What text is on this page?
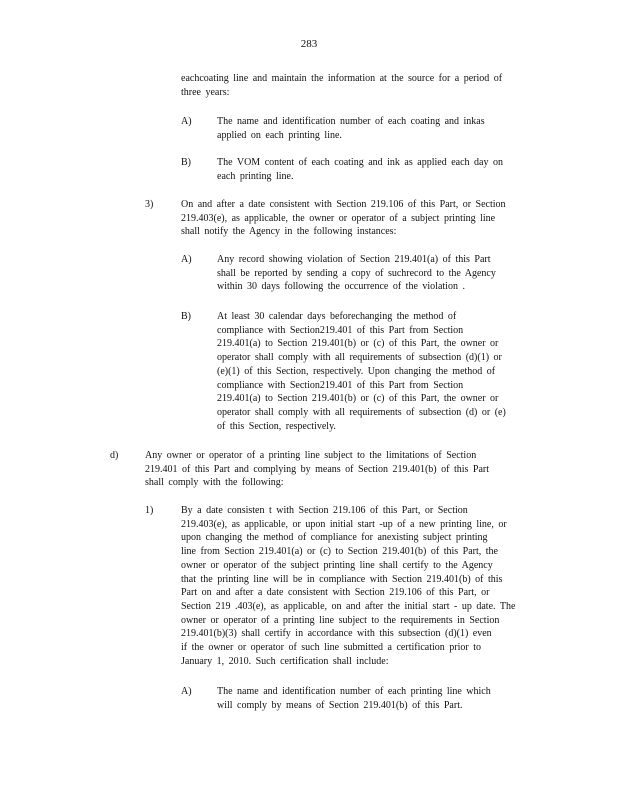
283
eachcoating line and maintain the information at the source for a period of
three years:
A)	The name and identification number of each coating and inkas
applied on each printing line.
B)	The VOM content of each coating and ink as applied each day on
each printing line.
3)	On and after a date consistent with Section 219.106 of this Part, or Section
219.403(e), as applicable, the owner or operator of a subject printing line
shall notify the Agency in the following instances:
A)	Any record showing violation of Section 219.401(a) of this Part
shall be reported by sending a copy of suchrecord to the Agency
within 30 days following the occurrence of the violation .
B)	At least 30 calendar days beforechanging the method of
compliance with Section219.401 of this Part from Section
219.401(a) to Section 219.401(b) or (c) of this Part, the owner or
operator shall comply with all requirements of subsection (d)(1) or
(e)(1) of this Section, respectively. Upon changing the method of
compliance with Section219.401 of this Part from Section
219.401(a) to Section 219.401(b) or (c) of this Part, the owner or
operator shall comply with all requirements of subsection (d) or (e)
of this Section, respectively.
d)	Any owner or operator of a printing line subject to the limitations of Section
219.401 of this Part and complying by means of Section 219.401(b) of this Part
shall comply with the following:
1)	By a date consisten t with Section 219.106 of this Part, or Section
219.403(e), as applicable, or upon initial start -up of a new printing line, or
upon changing the method of compliance for anexisting subject printing
line from Section 219.401(a) or (c) to Section 219.401(b) of this Part, the
owner or operator of the subject printing line shall certify to the Agency
that the printing line will be in compliance with Section 219.401(b) of this
Part on and after a date consistent with Section 219.106 of this Part, or
Section 219 .403(e), as applicable, on and after the initial start - up date. The
owner or operator of a printing line subject to the requirements in Section
219.401(b)(3) shall certify in accordance with this subsection (d)(1) even
if the owner or operator of such line submitted a certification prior to
January 1, 2010. Such certification shall include:
A)	The name and identification number of each printing line which
will comply by means of Section 219.401(b) of this Part.
